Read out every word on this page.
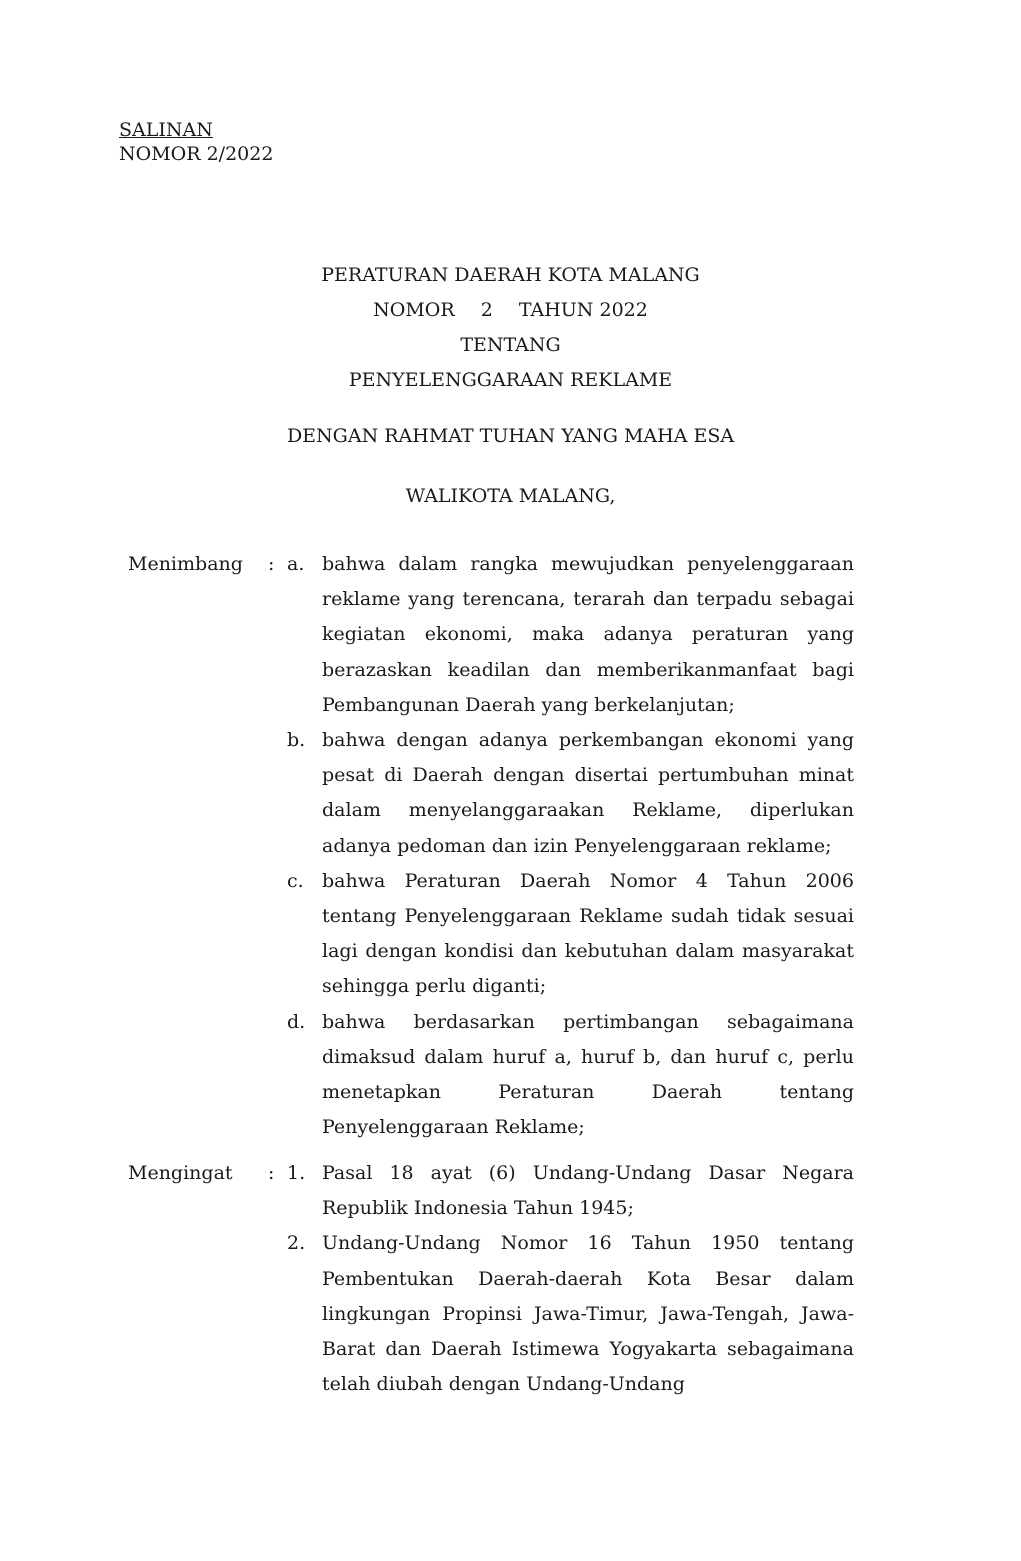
SALINAN
NOMOR 2/2022
PERATURAN DAERAH KOTA MALANG
NOMOR 2 TAHUN 2022
TENTANG
PENYELENGGARAAN REKLAME
DENGAN RAHMAT TUHAN YANG MAHA ESA
WALIKOTA MALANG,
Menimbang : a. bahwa dalam rangka mewujudkan penyelenggaraan reklame yang terencana, terarah dan terpadu sebagai kegiatan ekonomi, maka adanya peraturan yang berazaskan keadilan dan memberikanmanfaat bagi Pembangunan Daerah yang berkelanjutan;
b. bahwa dengan adanya perkembangan ekonomi yang pesat di Daerah dengan disertai pertumbuhan minat dalam menyelanggaraakan Reklame, diperlukan adanya pedoman dan izin Penyelenggaraan reklame;
c. bahwa Peraturan Daerah Nomor 4 Tahun 2006 tentang Penyelenggaraan Reklame sudah tidak sesuai lagi dengan kondisi dan kebutuhan dalam masyarakat sehingga perlu diganti;
d. bahwa berdasarkan pertimbangan sebagaimana dimaksud dalam huruf a, huruf b, dan huruf c, perlu menetapkan Peraturan Daerah tentang Penyelenggaraan Reklame;
Mengingat : 1. Pasal 18 ayat (6) Undang-Undang Dasar Negara Republik Indonesia Tahun 1945;
2. Undang-Undang Nomor 16 Tahun 1950 tentang Pembentukan Daerah-daerah Kota Besar dalam lingkungan Propinsi Jawa-Timur, Jawa-Tengah, Jawa-Barat dan Daerah Istimewa Yogyakarta sebagaimana telah diubah dengan Undang-Undang
